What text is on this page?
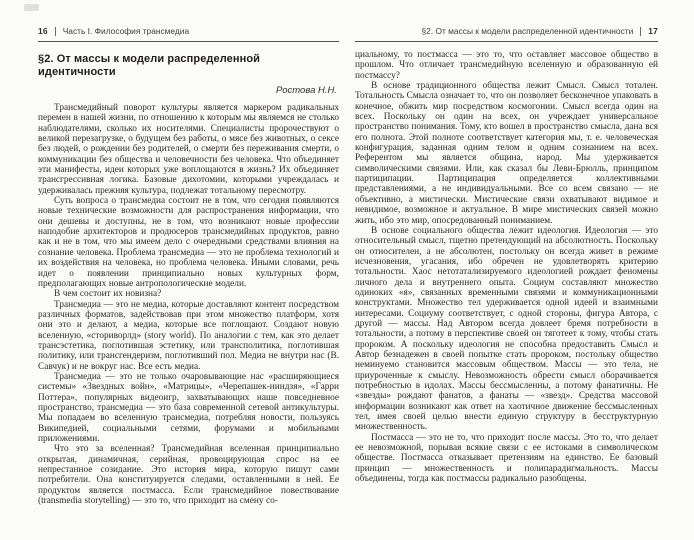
16 Часть I. Философия трансмедиа
§2. От массы к модели распределенной идентичности
Ростова Н.Н.

Трансмедийный поворот культуры является маркером радикальных перемен в нашей жизни, по отношению к которым мы являемся не столько наблюдателями, сколько их носителями. Специалисты пророчествуют о великой перезагрузке, о будущем без работы, о мясе без животных, о сексе без людей, о рождении без родителей, о смерти без переживания смерти, о коммуникации без общества и человечности без человека. Что объединяет эти манифесты, идеи которых уже воплощаются в жизнь? Их объединяет трансгрессивная логика. Базовые дихотомии, которыми учреждалась и удерживалась прежняя культура, подлежат тотальному пересмотру.

Суть вопроса о трансмедиа состоит не в том, что сегодня появляются новые технические возможности для распространения информации, что они дешевы и доступны, не в том, что возникают новые профессии наподобие архитекторов и продюсеров трансмедийных продуктов, равно как и не в том, что мы имеем дело с очередными средствами влияния на сознание человека. Проблема трансмедиа — это не проблема технологий и их воздействия на человека, но проблема человека. Иными словами, речь идет о появлении принципиально новых культурных форм, предполагающих новые антропологические модели.

В чем состоит их новизна?

Трансмедиа — это не медиа, которые доставляют контент посредством различных форматов, задействовав при этом множество платформ, хотя они это и делают, а медиа, которые все поглощают. Создают новую вселенную, «сториворлд» (story world). По аналогии с тем, как это делает трансэстетика, поглотившая эстетику, или трансполитика, поглотившая политику, или трансгендеризм, поглотивший пол. Медиа не внутри нас (В. Савчук) и не вокруг нас. Все есть медиа.

Трансмедиа — это не только очаровывающие нас «расширяющиеся системы» «Звездных войн», «Матрицы», «Черепашек-ниндзя», «Гарри Поттера», популярных видеоигр, захватывающих наше повседневное пространство, трансмедиа — это база современной сетевой антикультуры. Мы попадаем во вселенную трансмедиа, потребляя новости, пользуясь Википедией, социальными сетями, форумами и мобильными приложениями.

Что это за вселенная? Трансмедийная вселенная принципиально открытая, динамичная, серийная, провоцирующая спрос на ее непрестанное созидание. Это история мира, которую пишут сами потребители. Она конституируется следами, оставленными в ней. Ее продуктом является постмасса. Если трансмедийное повествование (transmedia storytelling) — это то, что приходит на смену со-

§2. От массы к модели распределенной идентичности 17

циальному, то постмасса — это то, что оставляет массовое общество в прошлом. Что отличает трансмедийную вселенную и образованную ей постмассу?

В основе традиционного общества лежит Смысл. Смысл тотален. Тотальность Смысла означает то, что он позволяет бесконечное упаковать в конечное, обжить мир посредством космогонии. Смысл всегда один на всех. Поскольку он один на всех, он учреждает универсальное пространство понимания. Тому, кто вошел в пространство смысла, дана вся его полнота. Этой полноте соответствует категория мы, т. е. человеческая конфигурация, заданная одним телом и одним сознанием на всех. Референтом мы является община, народ. Мы удерживается символическими связями. Или, как сказал бы Леви-Брюлль, принципом партиципации. Партиципация определяется коллективными представлениями, а не индивидуальными. Все со всем связано — не объективно, а мистически. Мистические связи охватывают видимое и невидимое, возможное и актуальное. В мире мистических связей можно жить, ибо это мир, опосредованный пониманием.

В основе социального общества лежит идеология. Идеология — это относительный смысл, тщетно претендующий на абсолютность. Поскольку он относителен, а не абсолютен, постольку он всегда живет в режиме исчезновения, угасания, ибо обречен не удовлетворять критерию тотальности. Хаос нетотатализируемого идеологией рождает феномены личного дела и внутреннего опыта. Социум составляют множество одиноких «я», связанных временными связями и коммуникационными конструктами. Множество тел удерживается одной идеей и взаимными интересами. Социуму соответствует, с одной стороны, фигура Автора, с другой — массы. Над Автором всегда довлеет бремя потребности в тотальности, а потому в перспективе своей он тяготеет к тому, чтобы стать пророком. А поскольку идеология не способна предоставить Смысл и Автор безнадежен в своей попытке стать пророком, постольку общество неминуемо становится массовым обществом. Массы — это тела, не приуроченные к смыслу. Невозможность обрести смысл оборачивается потребностью в идолах. Массы бессмысленны, а потому фанатичны. Не «звезды» рождают фанатов, а фанаты — «звезд». Средства массовой информации возникают как ответ на хаотичное движение бессмысленных тел, имея своей целью внести единую структуру в бесструктурную множественность.

Постмасса — это не то, что приходит после массы. Это то, что делает ее невозможной, порывая всякие связи с ее истоками в символическом обществе. Постмасса отказывает претензиям на единство. Ее базовый принцип — множественность и полипарадигмальность. Массы объединены, тогда как постмассы радикально разобщены.
